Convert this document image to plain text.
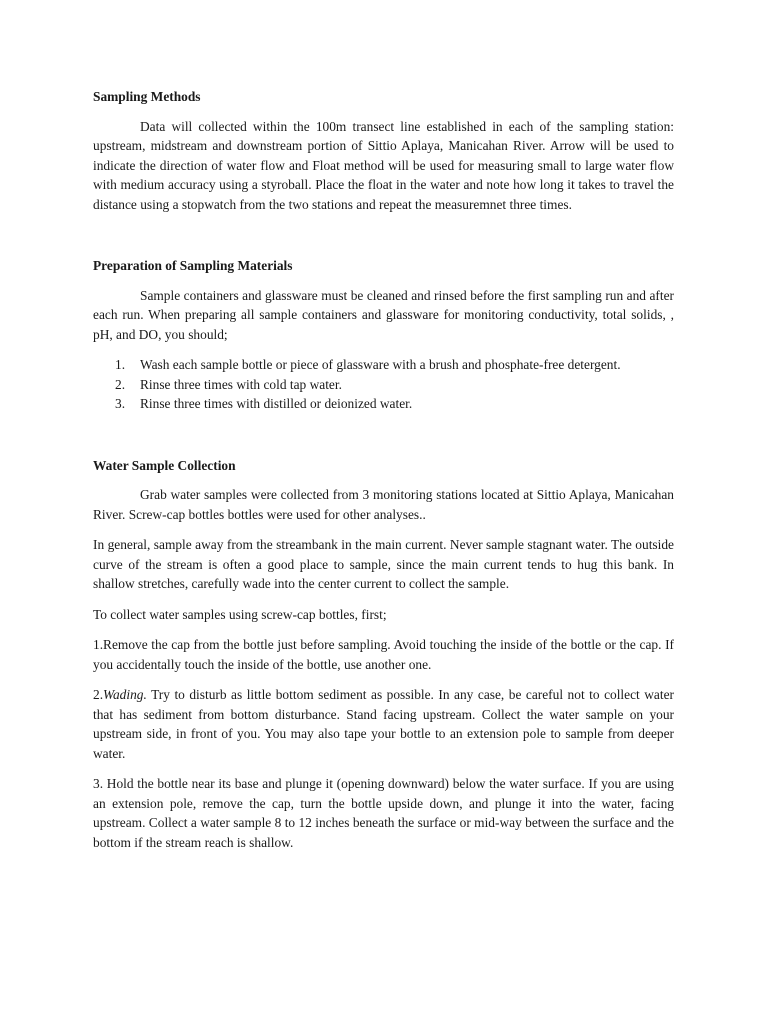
Sampling Methods

Data will collected within the 100m transect line established in each of the sampling station: upstream, midstream and downstream portion of Sittio Aplaya, Manicahan River. Arrow will be used to indicate the direction of water flow and Float method will be used for measuring small to large water flow with medium accuracy using a styroball. Place the float in the water and note how long it takes to travel the distance using a stopwatch from the two stations and repeat the measuremnet three times.

Preparation of Sampling Materials

Sample containers and glassware must be cleaned and rinsed before the first sampling run and after each run. When preparing all sample containers and glassware for monitoring conductivity, total solids, , pH, and DO, you should;

1. Wash each sample bottle or piece of glassware with a brush and phosphate-free detergent.
2. Rinse three times with cold tap water.
3. Rinse three times with distilled or deionized water.

Water Sample Collection

Grab water samples were collected from 3 monitoring stations located at Sittio Aplaya, Manicahan River. Screw-cap bottles bottles were used for other analyses..

In general, sample away from the streambank in the main current. Never sample stagnant water. The outside curve of the stream is often a good place to sample, since the main current tends to hug this bank. In shallow stretches, carefully wade into the center current to collect the sample.

To collect water samples using screw-cap bottles, first;

1.Remove the cap from the bottle just before sampling. Avoid touching the inside of the bottle or the cap. If you accidentally touch the inside of the bottle, use another one.

2.Wading. Try to disturb as little bottom sediment as possible. In any case, be careful not to collect water that has sediment from bottom disturbance. Stand facing upstream. Collect the water sample on your upstream side, in front of you. You may also tape your bottle to an extension pole to sample from deeper water.

3. Hold the bottle near its base and plunge it (opening downward) below the water surface. If you are using an extension pole, remove the cap, turn the bottle upside down, and plunge it into the water, facing upstream. Collect a water sample 8 to 12 inches beneath the surface or mid-way between the surface and the bottom if the stream reach is shallow.
